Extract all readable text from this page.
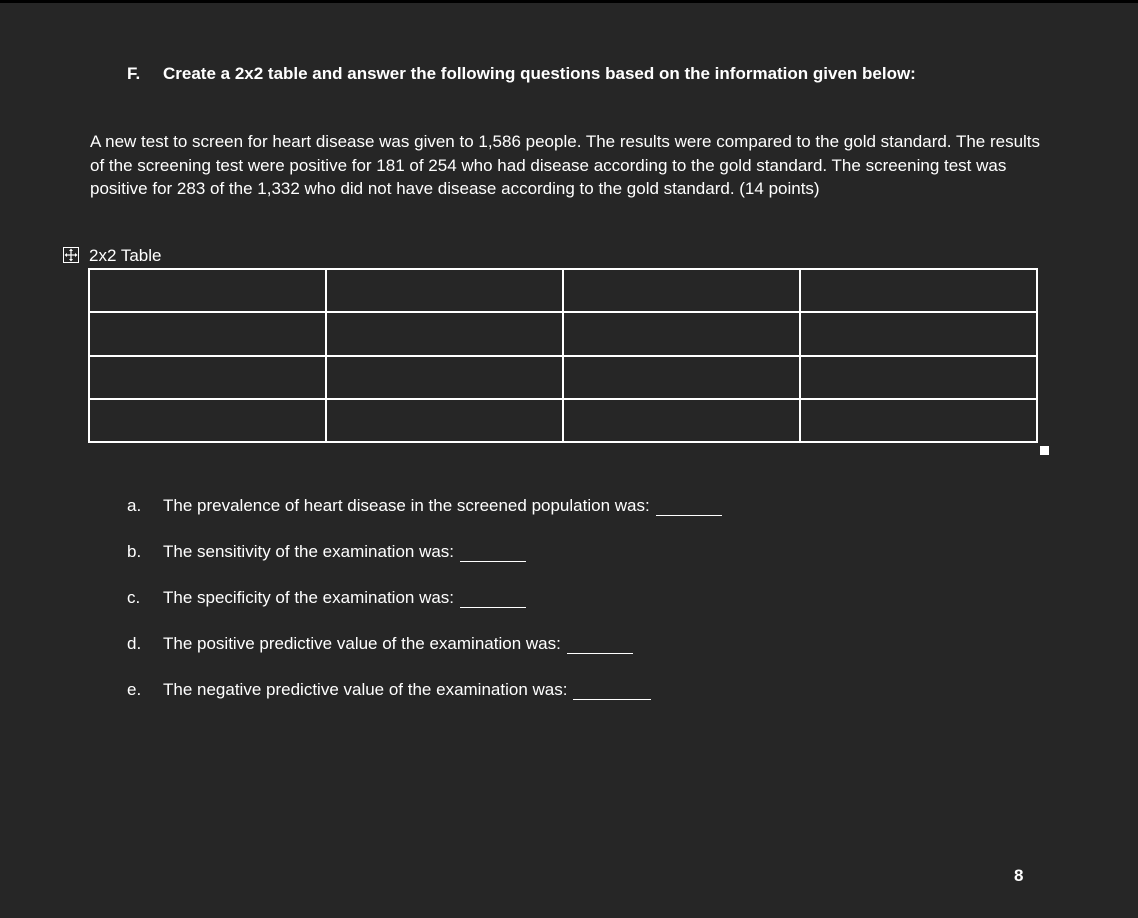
F. Create a 2x2 table and answer the following questions based on the information given below:
A new test to screen for heart disease was given to 1,586 people. The results were compared to the gold standard. The results of the screening test were positive for 181 of 254 who had disease according to the gold standard. The screening test was positive for 283 of the 1,332 who did not have disease according to the gold standard. (14 points)
2x2 Table

a. The prevalence of heart disease in the screened population was:
b. The sensitivity of the examination was:
c. The specificity of the examination was:
d. The positive predictive value of the examination was:
e. The negative predictive value of the examination was:
8
